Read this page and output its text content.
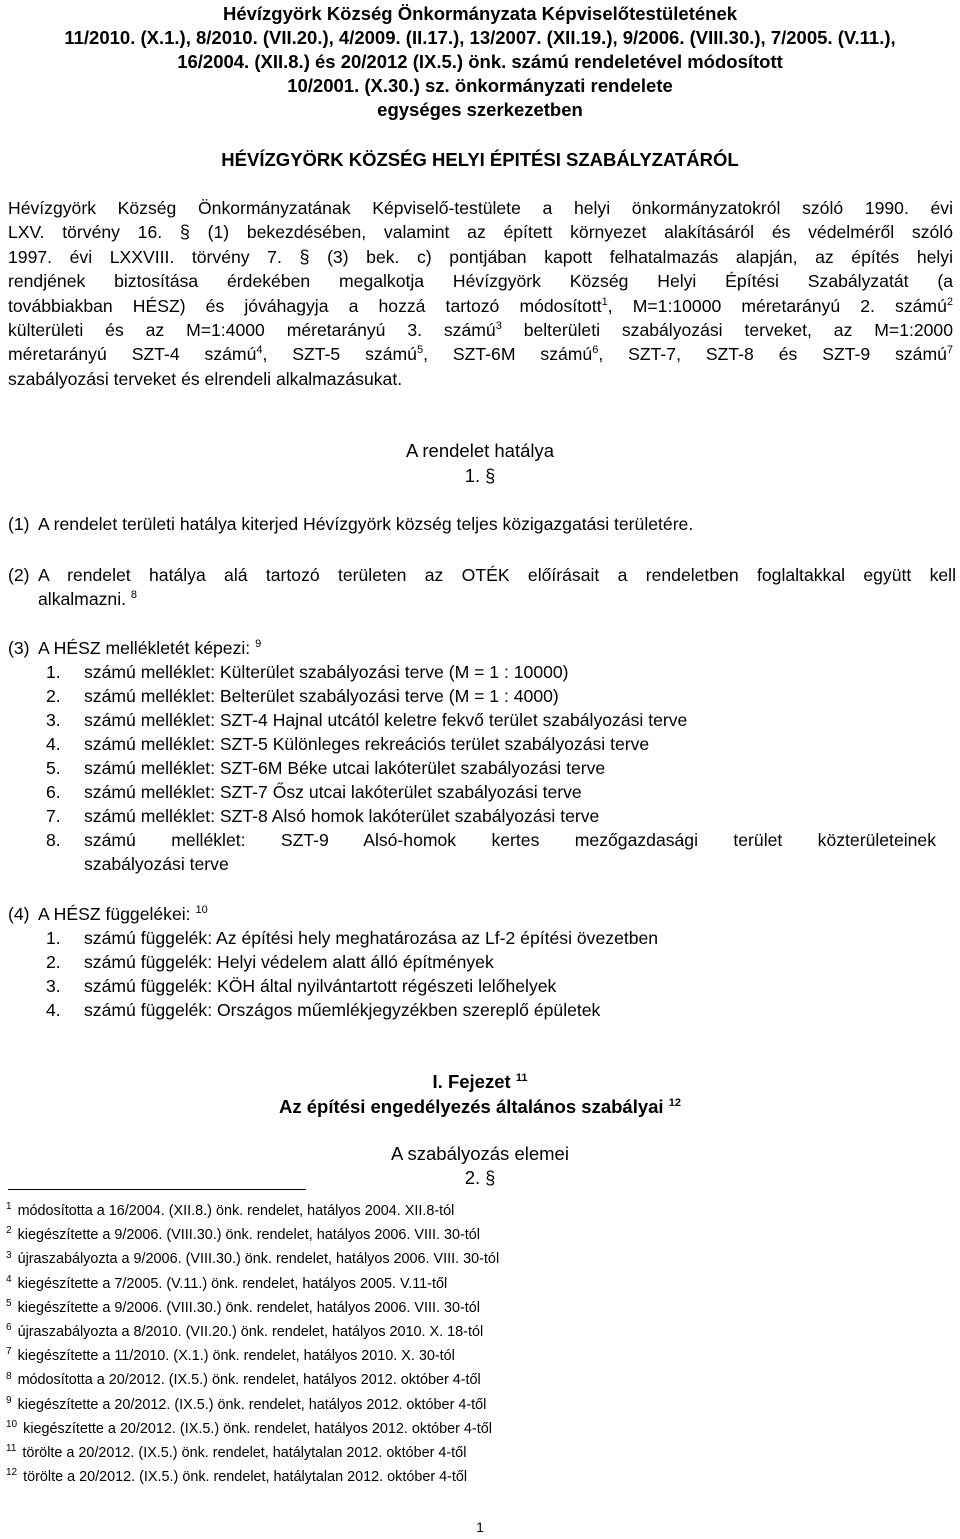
Hévízgyörk Község Önkormányzata Képviselőtestületének
11/2010. (X.1.), 8/2010. (VII.20.), 4/2009. (II.17.), 13/2007. (XII.19.), 9/2006. (VIII.30.), 7/2005. (V.11.),
16/2004. (XII.8.) és 20/2012 (IX.5.) önk. számú rendeletével módosított
10/2001. (X.30.) sz. önkormányzati rendelete
egységes szerkezetben
HÉVÍZGYÖRK KÖZSÉG HELYI ÉPITÉSI SZABÁLYZATÁRÓL
Hévízgyörk Község Önkormányzatának Képviselő-testülete a helyi önkormányzatokról szóló 1990. évi
LXV. törvény 16. § (1) bekezdésében, valamint az épített környezet alakításáról és védelméről szóló
1997. évi LXXVIII. törvény 7. § (3) bek. c) pontjában kapott felhatalmazás alapján, az építés helyi
rendjének biztosítása érdekében megalkotja Hévízgyörk Község Helyi Építési Szabályzatát (a
továbbiakban HÉSZ) és jóváhagyja a hozzá tartozó módosított$^1$, M=1:10000 méretarányú 2. számú$^2$
külterületi és az M=1:4000 méretarányú 3. számú$^3$ belterületi szabályozási terveket, az M=1:2000
méretarányú SZT-4 számú$^4$, SZT-5 számú$^5$, SZT-6M számú$^6$, SZT-7, SZT-8 és SZT-9 számú$^7$
szabályozási terveket és elrendeli alkalmazásukat.
A rendelet hatálya
1. §
(1) A rendelet területi hatálya kiterjed Hévízgyörk község teljes közigazgatási területére.
(2) A rendelet hatálya alá tartozó területen az OTÉK előírásait a rendeletben foglaltakkal együtt kell
alkalmazni. $^8$
(3) A HÉSZ mellékletét képezi: $^9$
1. számú melléklet: Külterület szabályozási terve (M = 1 : 10000)
2. számú melléklet: Belterület szabályozási terve (M = 1 : 4000)
3. számú melléklet: SZT-4 Hajnal utcától keletre fekvő terület szabályozási terve
4. számú melléklet: SZT-5 Különleges rekreációs terület szabályozási terve
5. számú melléklet: SZT-6M Béke utcai lakóterület szabályozási terve
6. számú melléklet: SZT-7 Ősz utcai lakóterület szabályozási terve
7. számú melléklet: SZT-8 Alsó homok lakóterület szabályozási terve
8.	számú melléklet: SZT-9 Alsó-homok kertes mezőgazdasági terület közterületeinek
szabályozási terve
(4) A HÉSZ függelékei: $^{10}$
1. számú függelék: Az építési hely meghatározása az Lf-2 építési övezetben
2. számú függelék: Helyi védelem alatt álló építmények
3. számú függelék: KÖH által nyilvántartott régészeti lelőhelyek
4. számú függelék: Országos műemlékjegyzékben szereplő épületek
I. Fejezet $^{11}$
Az építési engedélyezés általános szabályai $^{12}$
A szabályozás elemei
2. §
$^1$ módosította a 16/2004. (XII.8.) önk. rendelet, hatályos 2004. XII.8-tól
$^2$ kiegészítette a 9/2006. (VIII.30.) önk. rendelet, hatályos 2006. VIII. 30-tól
$^3$ újraszabályozta a 9/2006. (VIII.30.) önk. rendelet, hatályos 2006. VIII. 30-tól
$^4$ kiegészítette a 7/2005. (V.11.) önk. rendelet, hatályos 2005. V.11-től
$^5$ kiegészítette a 9/2006. (VIII.30.) önk. rendelet, hatályos 2006. VIII. 30-tól
$^6$ újraszabályozta a 8/2010. (VII.20.) önk. rendelet, hatályos 2010. X. 18-tól
$^7$ kiegészítette a 11/2010. (X.1.) önk. rendelet, hatályos 2010. X. 30-tól
$^8$ módosította a 20/2012. (IX.5.) önk. rendelet, hatályos 2012. október 4-től
$^9$ kiegészítette a 20/2012. (IX.5.) önk. rendelet, hatályos 2012. október 4-től
$^{10}$ kiegészítette a 20/2012. (IX.5.) önk. rendelet, hatályos 2012. október 4-től
$^{11}$ törölte a 20/2012. (IX.5.) önk. rendelet, hatálytalan 2012. október 4-től
$^{12}$ törölte a 20/2012. (IX.5.) önk. rendelet, hatálytalan 2012. október 4-től
1
